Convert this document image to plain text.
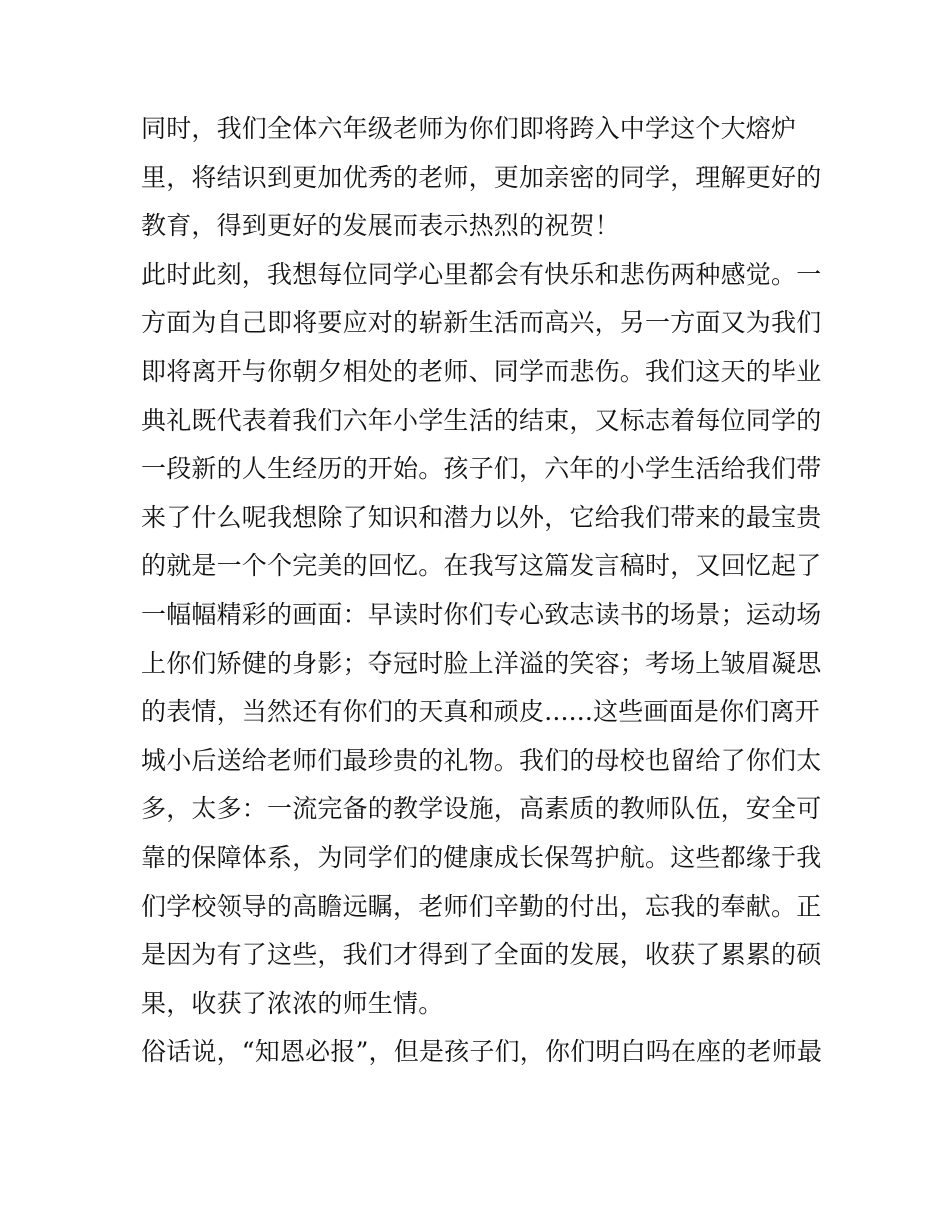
同时，我们全体六年级老师为你们即将跨入中学这个大熔炉
里，将结识到更加优秀的老师，更加亲密的同学，理解更好的
教育，得到更好的发展而表示热烈的祝贺！
此时此刻，我想每位同学心里都会有快乐和悲伤两种感觉。一
方面为自己即将要应对的崭新生活而高兴，另一方面又为我们
即将离开与你朝夕相处的老师、同学而悲伤。我们这天的毕业
典礼既代表着我们六年小学生活的结束，又标志着每位同学的
一段新的人生经历的开始。孩子们，六年的小学生活给我们带
来了什么呢我想除了知识和潜力以外，它给我们带来的最宝贵
的就是一个个完美的回忆。在我写这篇发言稿时，又回忆起了
一幅幅精彩的画面：早读时你们专心致志读书的场景；运动场
上你们矫健的身影；夺冠时脸上洋溢的笑容；考场上皱眉凝思
的表情，当然还有你们的天真和顽皮......这些画面是你们离开
城小后送给老师们最珍贵的礼物。我们的母校也留给了你们太
多，太多：一流完备的教学设施，高素质的教师队伍，安全可
靠的保障体系，为同学们的健康成长保驾护航。这些都缘于我
们学校领导的高瞻远瞩，老师们辛勤的付出，忘我的奉献。正
是因为有了这些，我们才得到了全面的发展，收获了累累的硕
果，收获了浓浓的师生情。
俗话说，“知恩必报”，但是孩子们，你们明白吗在座的老师最
